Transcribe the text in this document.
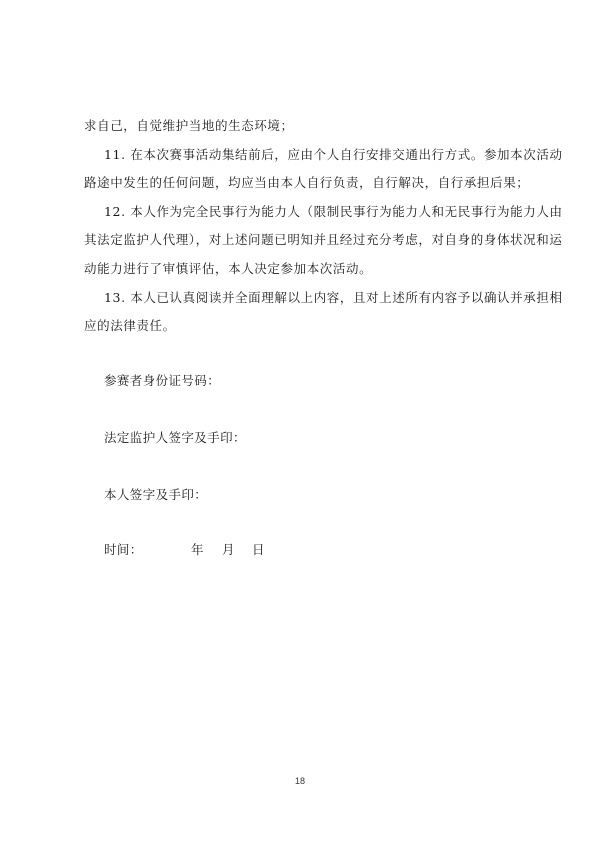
求自己，自觉维护当地的生态环境；
11. 在本次赛事活动集结前后，应由个人自行安排交通出行方式。参加本次活动
路途中发生的任何问题，均应当由本人自行负责，自行解决，自行承担后果；
12. 本人作为完全民事行为能力人（限制民事行为能力人和无民事行为能力人由
其法定监护人代理），对上述问题已明知并且经过充分考虑，对自身的身体状况和运
动能力进行了审慎评估，本人决定参加本次活动。
13. 本人已认真阅读并全面理解以上内容，且对上述所有内容予以确认并承担相
应的法律责任。
参赛者身份证号码：
法定监护人签字及手印：
本人签字及手印：
时间：	年 月 日
18
